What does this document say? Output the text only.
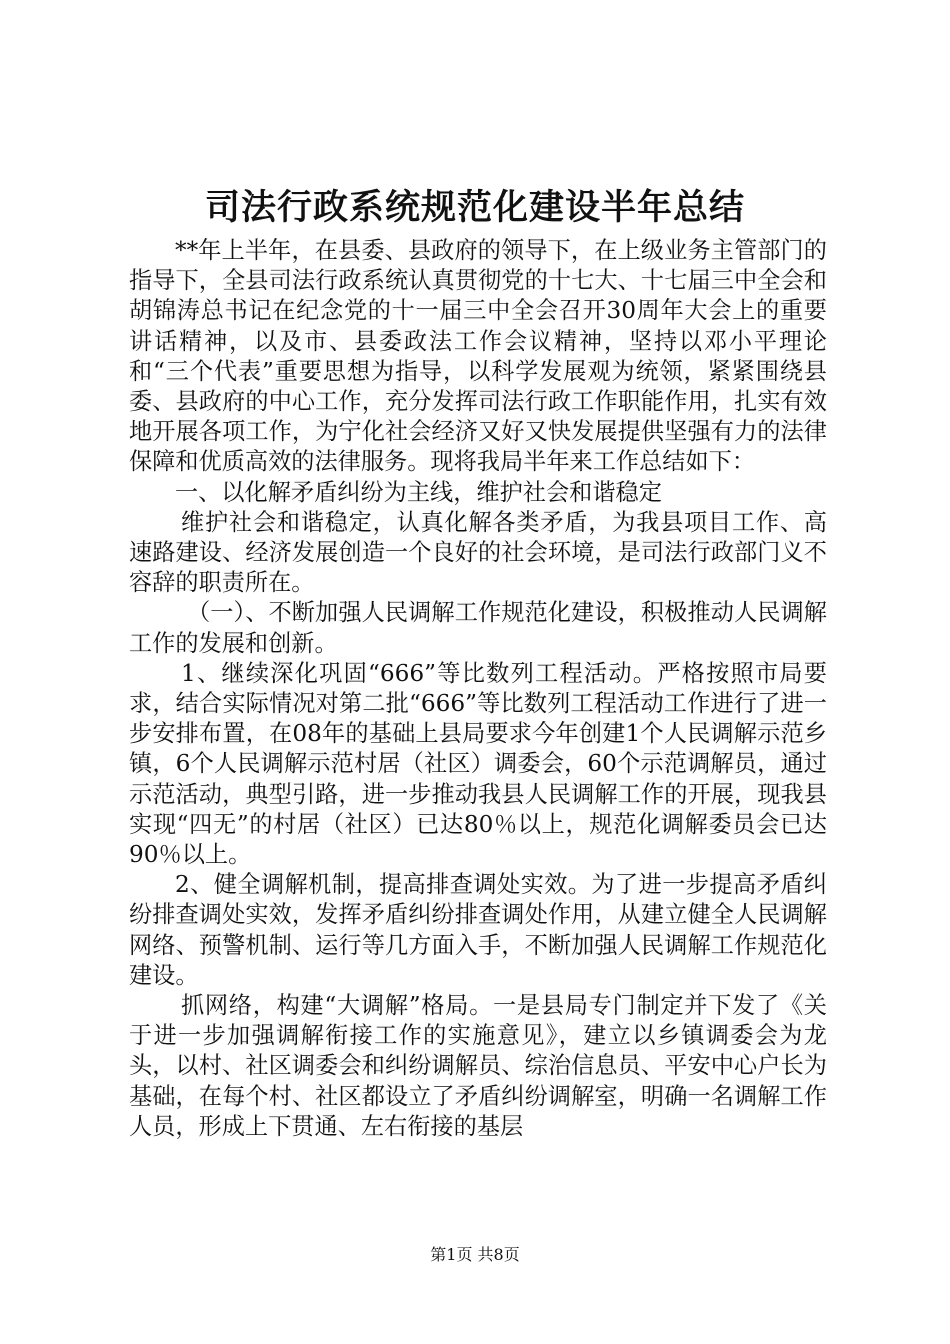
司法行政系统规范化建设半年总结

**年上半年，在县委、县政府的领导下，在上级业务主管部门的指导下，全县司法行政系统认真贯彻党的十七大、十七届三中全会和胡锦涛总书记在纪念党的十一届三中全会召开30周年大会上的重要讲话精神，以及市、县委政法工作会议精神，坚持以邓小平理论和“三个代表”重要思想为指导，以科学发展观为统领，紧紧围绕县委、县政府的中心工作，充分发挥司法行政工作职能作用，扎实有效地开展各项工作，为宁化社会经济又好又快发展提供坚强有力的法律保障和优质高效的法律服务。现将我局半年来工作总结如下：

一、以化解矛盾纠纷为主线，维护社会和谐稳定

维护社会和谐稳定，认真化解各类矛盾，为我县项目工作、高速路建设、经济发展创造一个良好的社会环境，是司法行政部门义不容辞的职责所在。

（一）、不断加强人民调解工作规范化建设，积极推动人民调解工作的发展和创新。

1、继续深化巩固“666”等比数列工程活动。严格按照市局要求，结合实际情况对第二批“666”等比数列工程活动工作进行了进一步安排布置，在08年的基础上县局要求今年创建1个人民调解示范乡镇，6个人民调解示范村居（社区）调委会，60个示范调解员，通过示范活动，典型引路，进一步推动我县人民调解工作的开展，现我县实现“四无”的村居（社区）已达80％以上，规范化调解委员会已达90％以上。

2、健全调解机制，提高排查调处实效。为了进一步提高矛盾纠纷排查调处实效，发挥矛盾纠纷排查调处作用，从建立健全人民调解网络、预警机制、运行等几方面入手，不断加强人民调解工作规范化建设。

抓网络，构建“大调解”格局。一是县局专门制定并下发了《关于进一步加强调解衔接工作的实施意见》，建立以乡镇调委会为龙头，以村、社区调委会和纠纷调解员、综治信息员、平安中心户长为基础，在每个村、社区都设立了矛盾纠纷调解室，明确一名调解工作人员，形成上下贯通、左右衔接的基层

第1页 共8页
